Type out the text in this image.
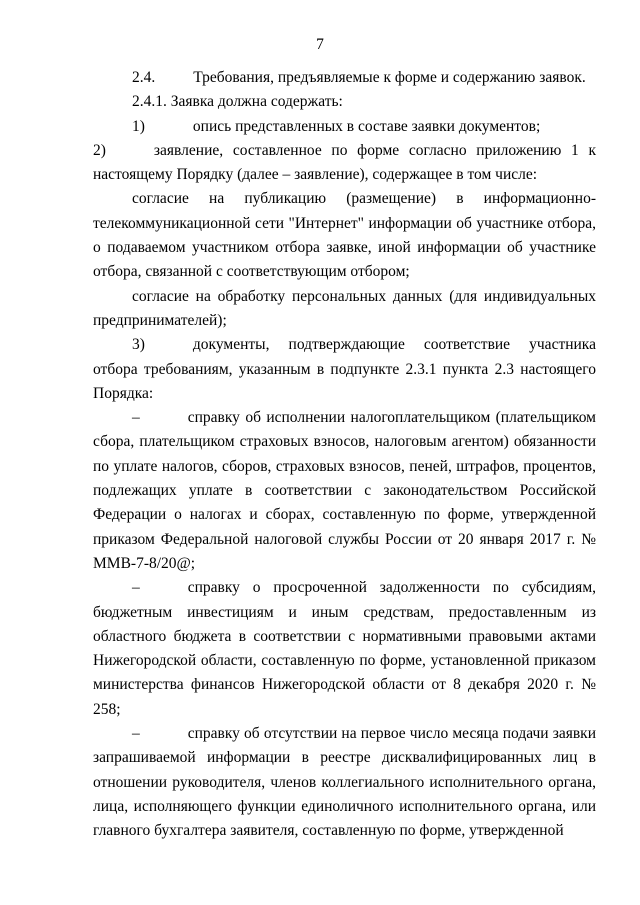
7

2.4. Требования, предъявляемые к форме и содержанию заявок.

2.4.1. Заявка должна содержать:

1)	опись представленных в составе заявки документов;

2)	заявление, составленное по форме согласно приложению 1 к настоящему Порядку (далее – заявление), содержащее в том числе:

согласие на публикацию (размещение) в информационно-телекоммуникационной сети "Интернет" информации об участнике отбора, о подаваемом участником отбора заявке, иной информации об участнике отбора, связанной с соответствующим отбором;

согласие на обработку персональных данных (для индивидуальных предпринимателей);

3)	документы, подтверждающие соответствие участника отбора требованиям, указанным в подпункте 2.3.1 пункта 2.3 настоящего Порядка:

–	справку об исполнении налогоплательщиком (плательщиком сбора, плательщиком страховых взносов, налоговым агентом) обязанности по уплате налогов, сборов, страховых взносов, пеней, штрафов, процентов, подлежащих уплате в соответствии с законодательством Российской Федерации о налогах и сборах, составленную по форме, утвержденной приказом Федеральной налоговой службы России от 20 января 2017 г. № ММВ-7-8/20@;

–	справку о просроченной задолженности по субсидиям, бюджетным инвестициям и иным средствам, предоставленным из областного бюджета в соответствии с нормативными правовыми актами Нижегородской области, составленную по форме, установленной приказом министерства финансов Нижегородской области от 8 декабря 2020 г. № 258;

–	справку об отсутствии на первое число месяца подачи заявки запрашиваемой информации в реестре дисквалифицированных лиц в отношении руководителя, членов коллегиального исполнительного органа, лица, исполняющего функции единоличного исполнительного органа, или главного бухгалтера заявителя, составленную по форме, утвержденной
